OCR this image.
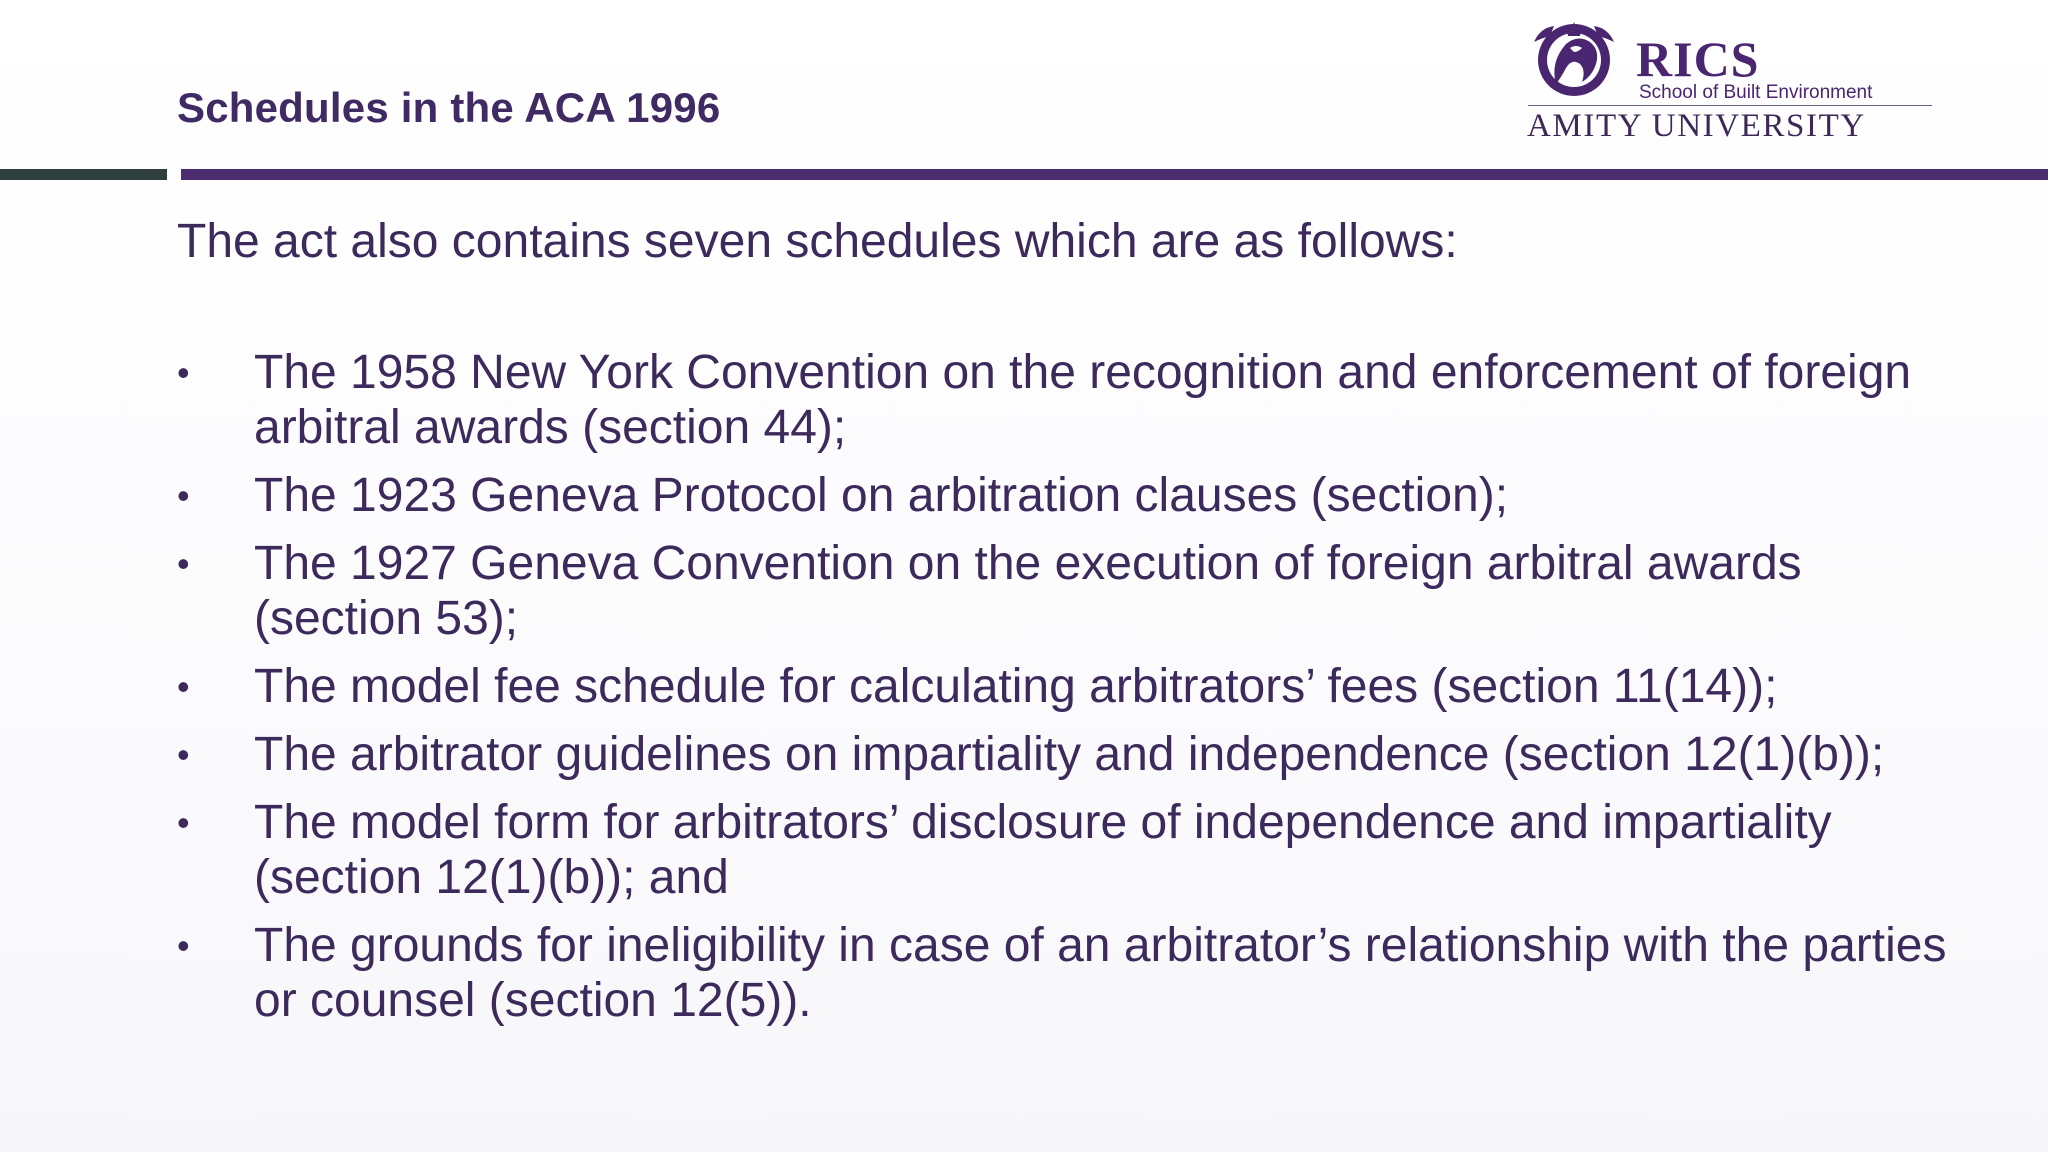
Schedules in the ACA 1996
RICS
School of Built Environment
AMITY UNIVERSITY
The act also contains seven schedules which are as follows:
• The 1958 New York Convention on the recognition and enforcement of foreign arbitral awards (section 44);
• The 1923 Geneva Protocol on arbitration clauses (section);
• The 1927 Geneva Convention on the execution of foreign arbitral awards (section 53);
• The model fee schedule for calculating arbitrators’ fees (section 11(14));
• The arbitrator guidelines on impartiality and independence (section 12(1)(b));
• The model form for arbitrators’ disclosure of independence and impartiality (section 12(1)(b)); and
• The grounds for ineligibility in case of an arbitrator’s relationship with the parties or counsel (section 12(5)).
